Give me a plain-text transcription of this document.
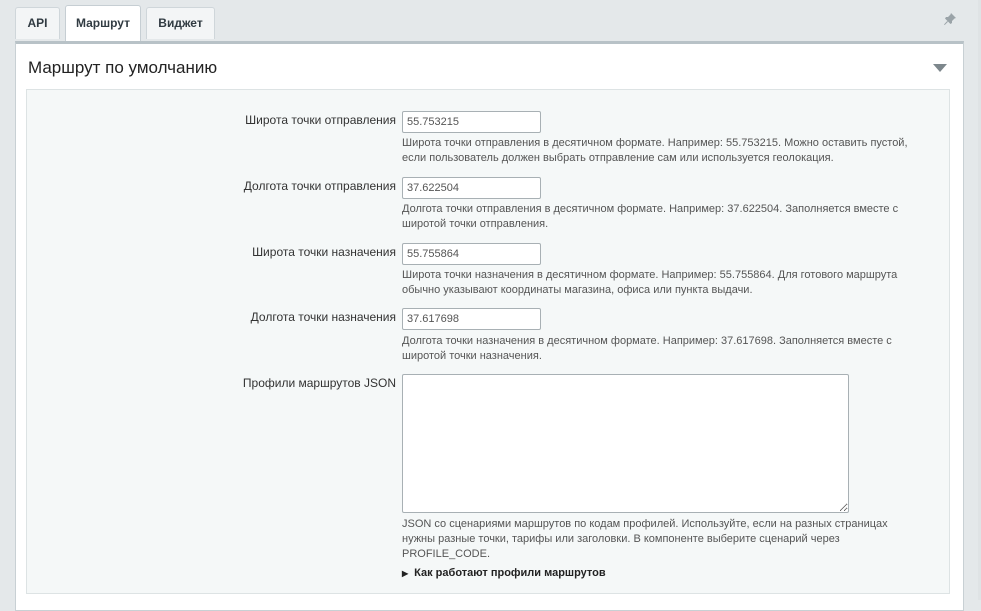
API	Маршрут	Виджет
Маршрут по умолчанию
Широта точки отправления
55.753215
Широта точки отправления в десятичном формате. Например: 55.753215. Можно оставить пустой, если пользователь должен выбрать отправление сам или используется геолокация.
Долгота точки отправления
37.622504
Долгота точки отправления в десятичном формате. Например: 37.622504. Заполняется вместе с широтой точки отправления.
Широта точки назначения
55.755864
Широта точки назначения в десятичном формате. Например: 55.755864. Для готового маршрута обычно указывают координаты магазина, офиса или пункта выдачи.
Долгота точки назначения
37.617698
Долгота точки назначения в десятичном формате. Например: 37.617698. Заполняется вместе с широтой точки назначения.
Профили маршрутов JSON
JSON со сценариями маршрутов по кодам профилей. Используйте, если на разных страницах нужны разные точки, тарифы или заголовки. В компоненте выберите сценарий через PROFILE_CODE.
▶ Как работают профили маршрутов
